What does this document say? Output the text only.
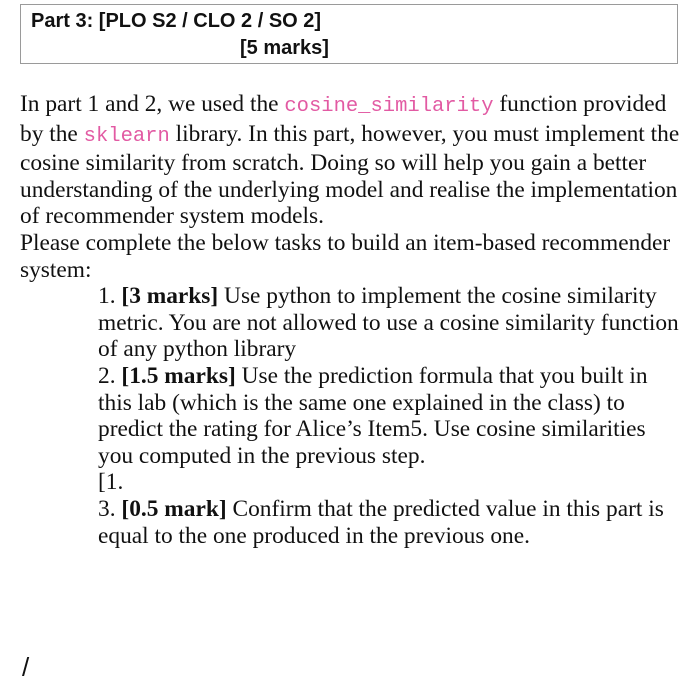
Part 3: [PLO S2 / CLO 2 / SO 2]
[5 marks]

In part 1 and 2, we used the cosine_similarity function provided by the sklearn library. In this part, however, you must implement the cosine similarity from scratch. Doing so will help you gain a better understanding of the underlying model and realise the implementation of recommender system models.

Please complete the below tasks to build an item-based recommender system:

1. [3 marks] Use python to implement the cosine similarity metric. You are not allowed to use a cosine similarity function of any python library

2. [1.5 marks] Use the prediction formula that you built in this lab (which is the same one explained in the class) to predict the rating for Alice’s Item5. Use cosine similarities you computed in the previous step.
[1.

3. [0.5 mark] Confirm that the predicted value in this part is equal to the one produced in the previous one.

/
